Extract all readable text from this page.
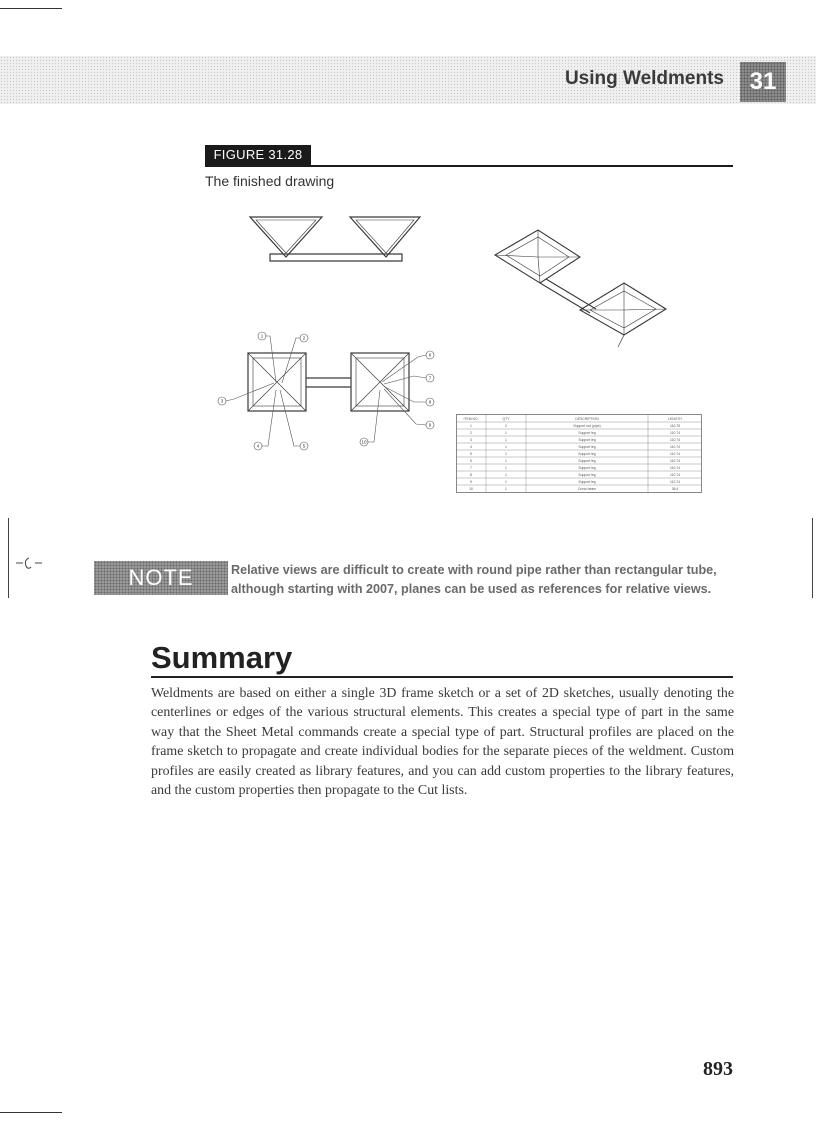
Using Weldments	31
FIGURE 31.28
The finished drawing
1	2
3
4	5
6
7
8
9
10
ITEM NO.	QTY	DESCRIPTION	LENGTH
1	2	Support rod (pipe)	110.75
2	1	Support leg	110.74
3	1	Support leg	110.74
4	1	Support leg	110.74
5	1	Support leg	110.74
6	1	Support leg	110.74
7	1	Support leg	110.74
8	1	Support leg	110.74
9	1	Support leg	110.74
10	1	Cross beam	36.4
NOTE	Relative views are difficult to create with round pipe rather than rectangular tube, although starting with 2007, planes can be used as references for relative views.
Summary
Weldments are based on either a single 3D frame sketch or a set of 2D sketches, usually denoting the centerlines or edges of the various structural elements. This creates a special type of part in the same way that the Sheet Metal commands create a special type of part. Structural profiles are placed on the frame sketch to propagate and create individual bodies for the separate pieces of the weldment. Custom profiles are easily created as library features, and you can add custom properties to the library features, and the custom properties then propagate to the Cut lists.
893
